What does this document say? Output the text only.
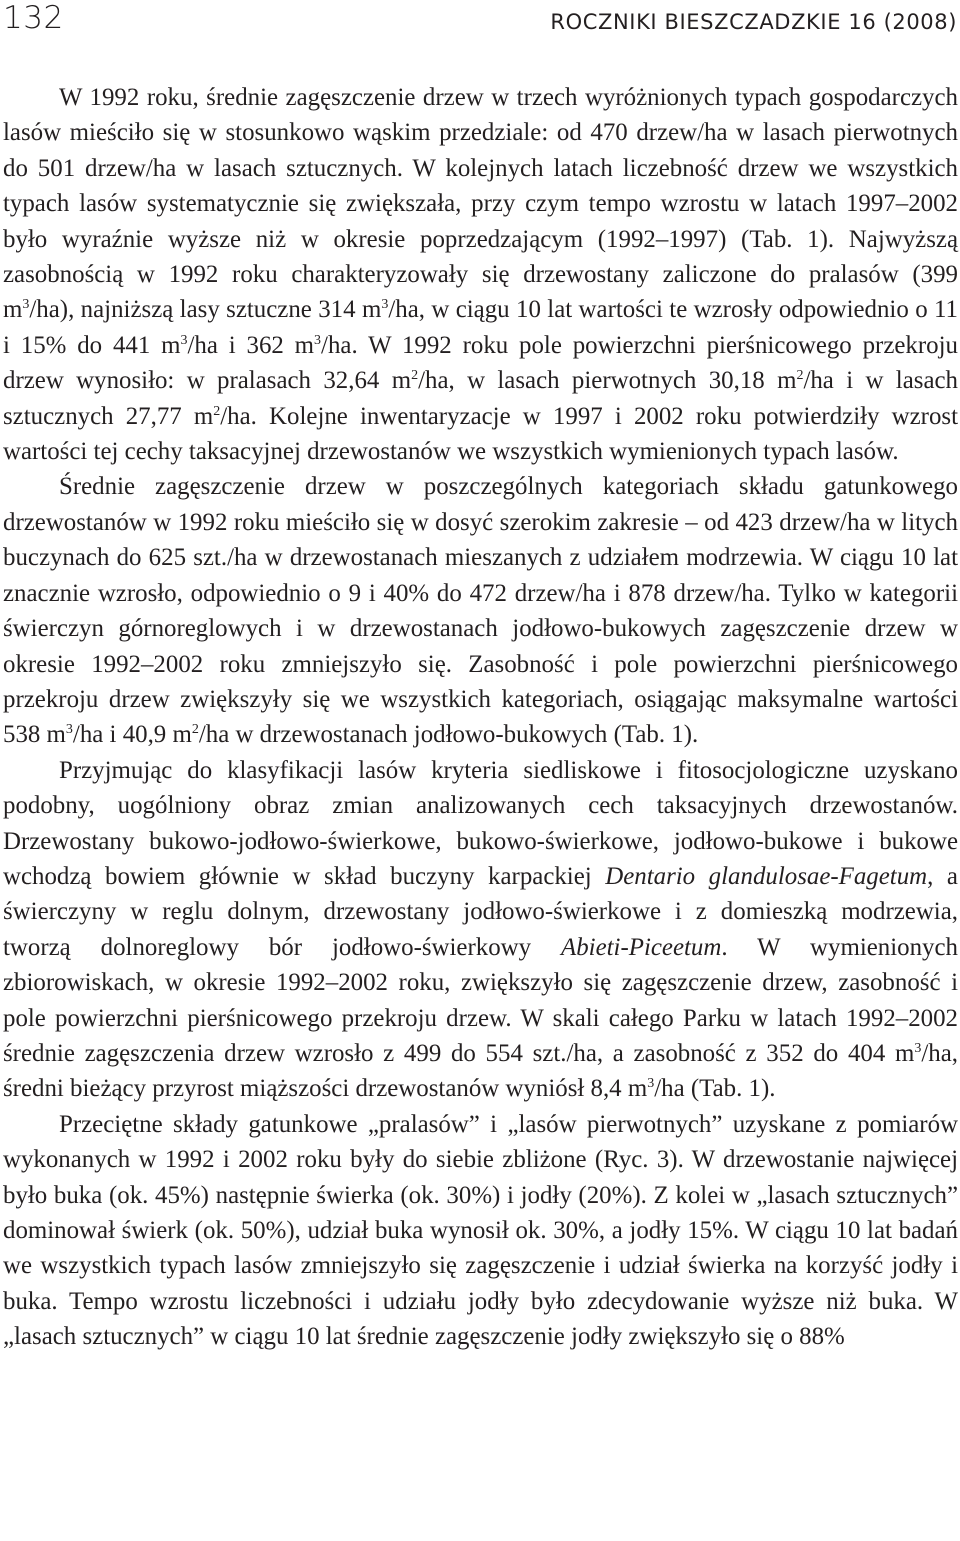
132	ROCZNIKI BIESZCZADZKIE 16 (2008)

W 1992 roku, średnie zagęszczenie drzew w trzech wyróżnionych typach gospodarczych lasów mieściło się w stosunkowo wąskim przedziale: od 470 drzew/ha w lasach pierwotnych do 501 drzew/ha w lasach sztucznych. W kolejnych latach liczebność drzew we wszystkich typach lasów systematycznie się zwiększała, przy czym tempo wzrostu w latach 1997–2002 było wyraźnie wyższe niż w okresie poprzedzającym (1992–1997) (Tab. 1). Najwyższą zasobnością w 1992 roku charakteryzowały się drzewostany zaliczone do pralasów (399 $m^3/ha$), najniższą lasy sztuczne 314 $m^3/ha$, w ciągu 10 lat wartości te wzrosły odpowiednio o 11 i 15% do 441 $m^3/ha$ i 362 $m^3/ha$. W 1992 roku pole powierzchni pierśnicowego przekroju drzew wynosiło: w pralasach 32,64 $m^2/ha$, w lasach pierwotnych 30,18 $m^2/ha$ i w lasach sztucznych 27,77 $m^2/ha$. Kolejne inwentaryzacje w 1997 i 2002 roku potwierdziły wzrost wartości tej cechy taksacyjnej drzewostanów we wszystkich wymienionych typach lasów.

Średnie zagęszczenie drzew w poszczególnych kategoriach składu gatunkowego drzewostanów w 1992 roku mieściło się w dosyć szerokim zakresie – od 423 drzew/ha w litych buczynach do 625 szt./ha w drzewostanach mieszanych z udziałem modrzewia. W ciągu 10 lat znacznie wzrosło, odpowiednio o 9 i 40% do 472 drzew/ha i 878 drzew/ha. Tylko w kategorii świerczyn górnoreglowych i w drzewostanach jodłowo-bukowych zagęszczenie drzew w okresie 1992–2002 roku zmniejszyło się. Zasobność i pole powierzchni pierśnicowego przekroju drzew zwiększyły się we wszystkich kategoriach, osiągając maksymalne wartości 538 $m^3/ha$ i 40,9 $m^2/ha$ w drzewostanach jodłowo-bukowych (Tab. 1).

Przyjmując do klasyfikacji lasów kryteria siedliskowe i fitosocjologiczne uzyskano podobny, uogólniony obraz zmian analizowanych cech taksacyjnych drzewostanów. Drzewostany bukowo-jodłowo-świerkowe, bukowo-świerkowe, jodłowo-bukowe i bukowe wchodzą bowiem głównie w skład buczyny karpackiej Dentario glandulosae-Fagetum, a świerczyny w reglu dolnym, drzewostany jodłowo-świerkowe i z domieszką modrzewia, tworzą dolnoreglowy bór jodłowo-świerkowy Abieti-Piceetum. W wymienionych zbiorowiskach, w okresie 1992–2002 roku, zwiększyło się zagęszczenie drzew, zasobność i pole powierzchni pierśnicowego przekroju drzew. W skali całego Parku w latach 1992–2002 średnie zagęszczenia drzew wzrosło z 499 do 554 szt./ha, a zasobność z 352 do 404 $m^3/ha$, średni bieżący przyrost miąższości drzewostanów wyniósł 8,4 $m^3/ha$ (Tab. 1).

Przeciętne składy gatunkowe „pralasów” i „lasów pierwotnych” uzyskane z pomiarów wykonanych w 1992 i 2002 roku były do siebie zbliżone (Ryc. 3). W drzewostanie najwięcej było buka (ok. 45%) następnie świerka (ok. 30%) i jodły (20%). Z kolei w „lasach sztucznych” dominował świerk (ok. 50%), udział buka wynosił ok. 30%, a jodły 15%. W ciągu 10 lat badań we wszystkich typach lasów zmniejszyło się zagęszczenie i udział świerka na korzyść jodły i buka. Tempo wzrostu liczebności i udziału jodły było zdecydowanie wyższe niż buka. W „lasach sztucznych” w ciągu 10 lat średnie zagęszczenie jodły zwiększyło się o 88%
